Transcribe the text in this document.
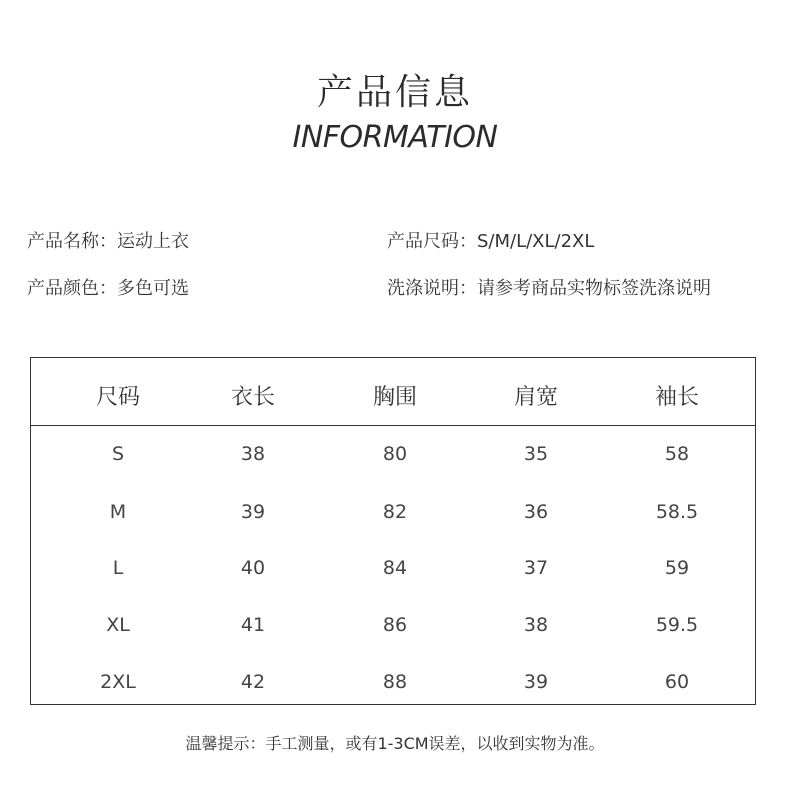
产品信息
INFORMATION
产品名称：运动上衣	产品尺码：S/M/L/XL/2XL
产品颜色：多色可选	洗涤说明：请参考商品实物标签洗涤说明
尺码	衣长	胸围	肩宽	袖长
S	38	80	35	58
M	39	82	36	58.5
L	40	84	37	59
XL	41	86	38	59.5
2XL	42	88	39	60
温馨提示：手工测量，或有1-3CM误差，以收到实物为准。
